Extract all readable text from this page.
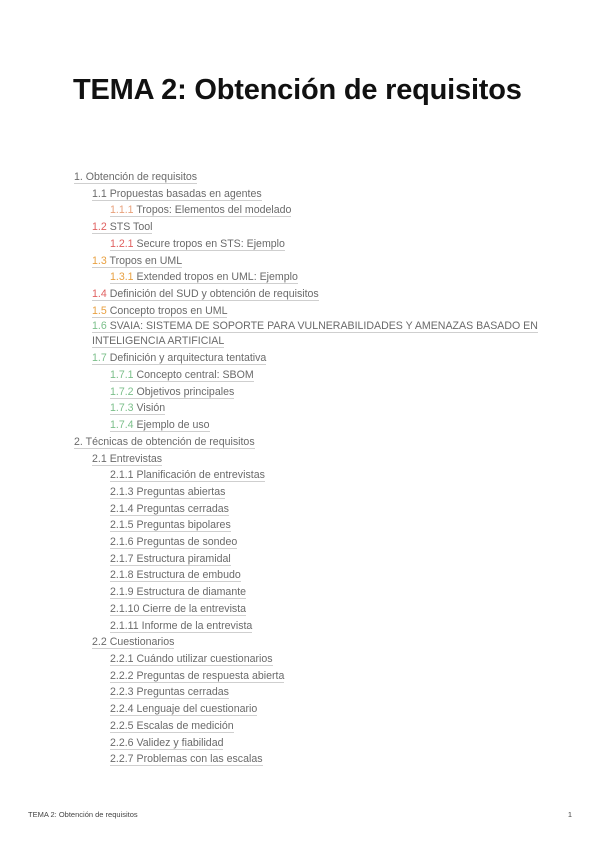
TEMA 2: Obtención de requisitos
1. Obtención de requisitos
1.1 Propuestas basadas en agentes
1.1.1 Tropos: Elementos del modelado
1.2 STS Tool
1.2.1 Secure tropos en STS: Ejemplo
1.3 Tropos en UML
1.3.1 Extended tropos en UML: Ejemplo
1.4 Definición del SUD y obtención de requisitos
1.5 Concepto tropos en UML
1.6 SVAIA: SISTEMA DE SOPORTE PARA VULNERABILIDADES Y AMENAZAS BASADO EN INTELIGENCIA ARTIFICIAL
1.7 Definición y arquitectura tentativa
1.7.1 Concepto central: SBOM
1.7.2 Objetivos principales
1.7.3 Visión
1.7.4 Ejemplo de uso
2. Técnicas de obtención de requisitos
2.1 Entrevistas
2.1.1 Planificación de entrevistas
2.1.3 Preguntas abiertas
2.1.4 Preguntas cerradas
2.1.5 Preguntas bipolares
2.1.6 Preguntas de sondeo
2.1.7 Estructura piramidal
2.1.8 Estructura de embudo
2.1.9 Estructura de diamante
2.1.10 Cierre de la entrevista
2.1.11 Informe de la entrevista
2.2 Cuestionarios
2.2.1 Cuándo utilizar cuestionarios
2.2.2 Preguntas de respuesta abierta
2.2.3 Preguntas cerradas
2.2.4 Lenguaje del cuestionario
2.2.5 Escalas de medición
2.2.6 Validez y fiabilidad
2.2.7 Problemas con las escalas
TEMA 2: Obtención de requisitos	1
